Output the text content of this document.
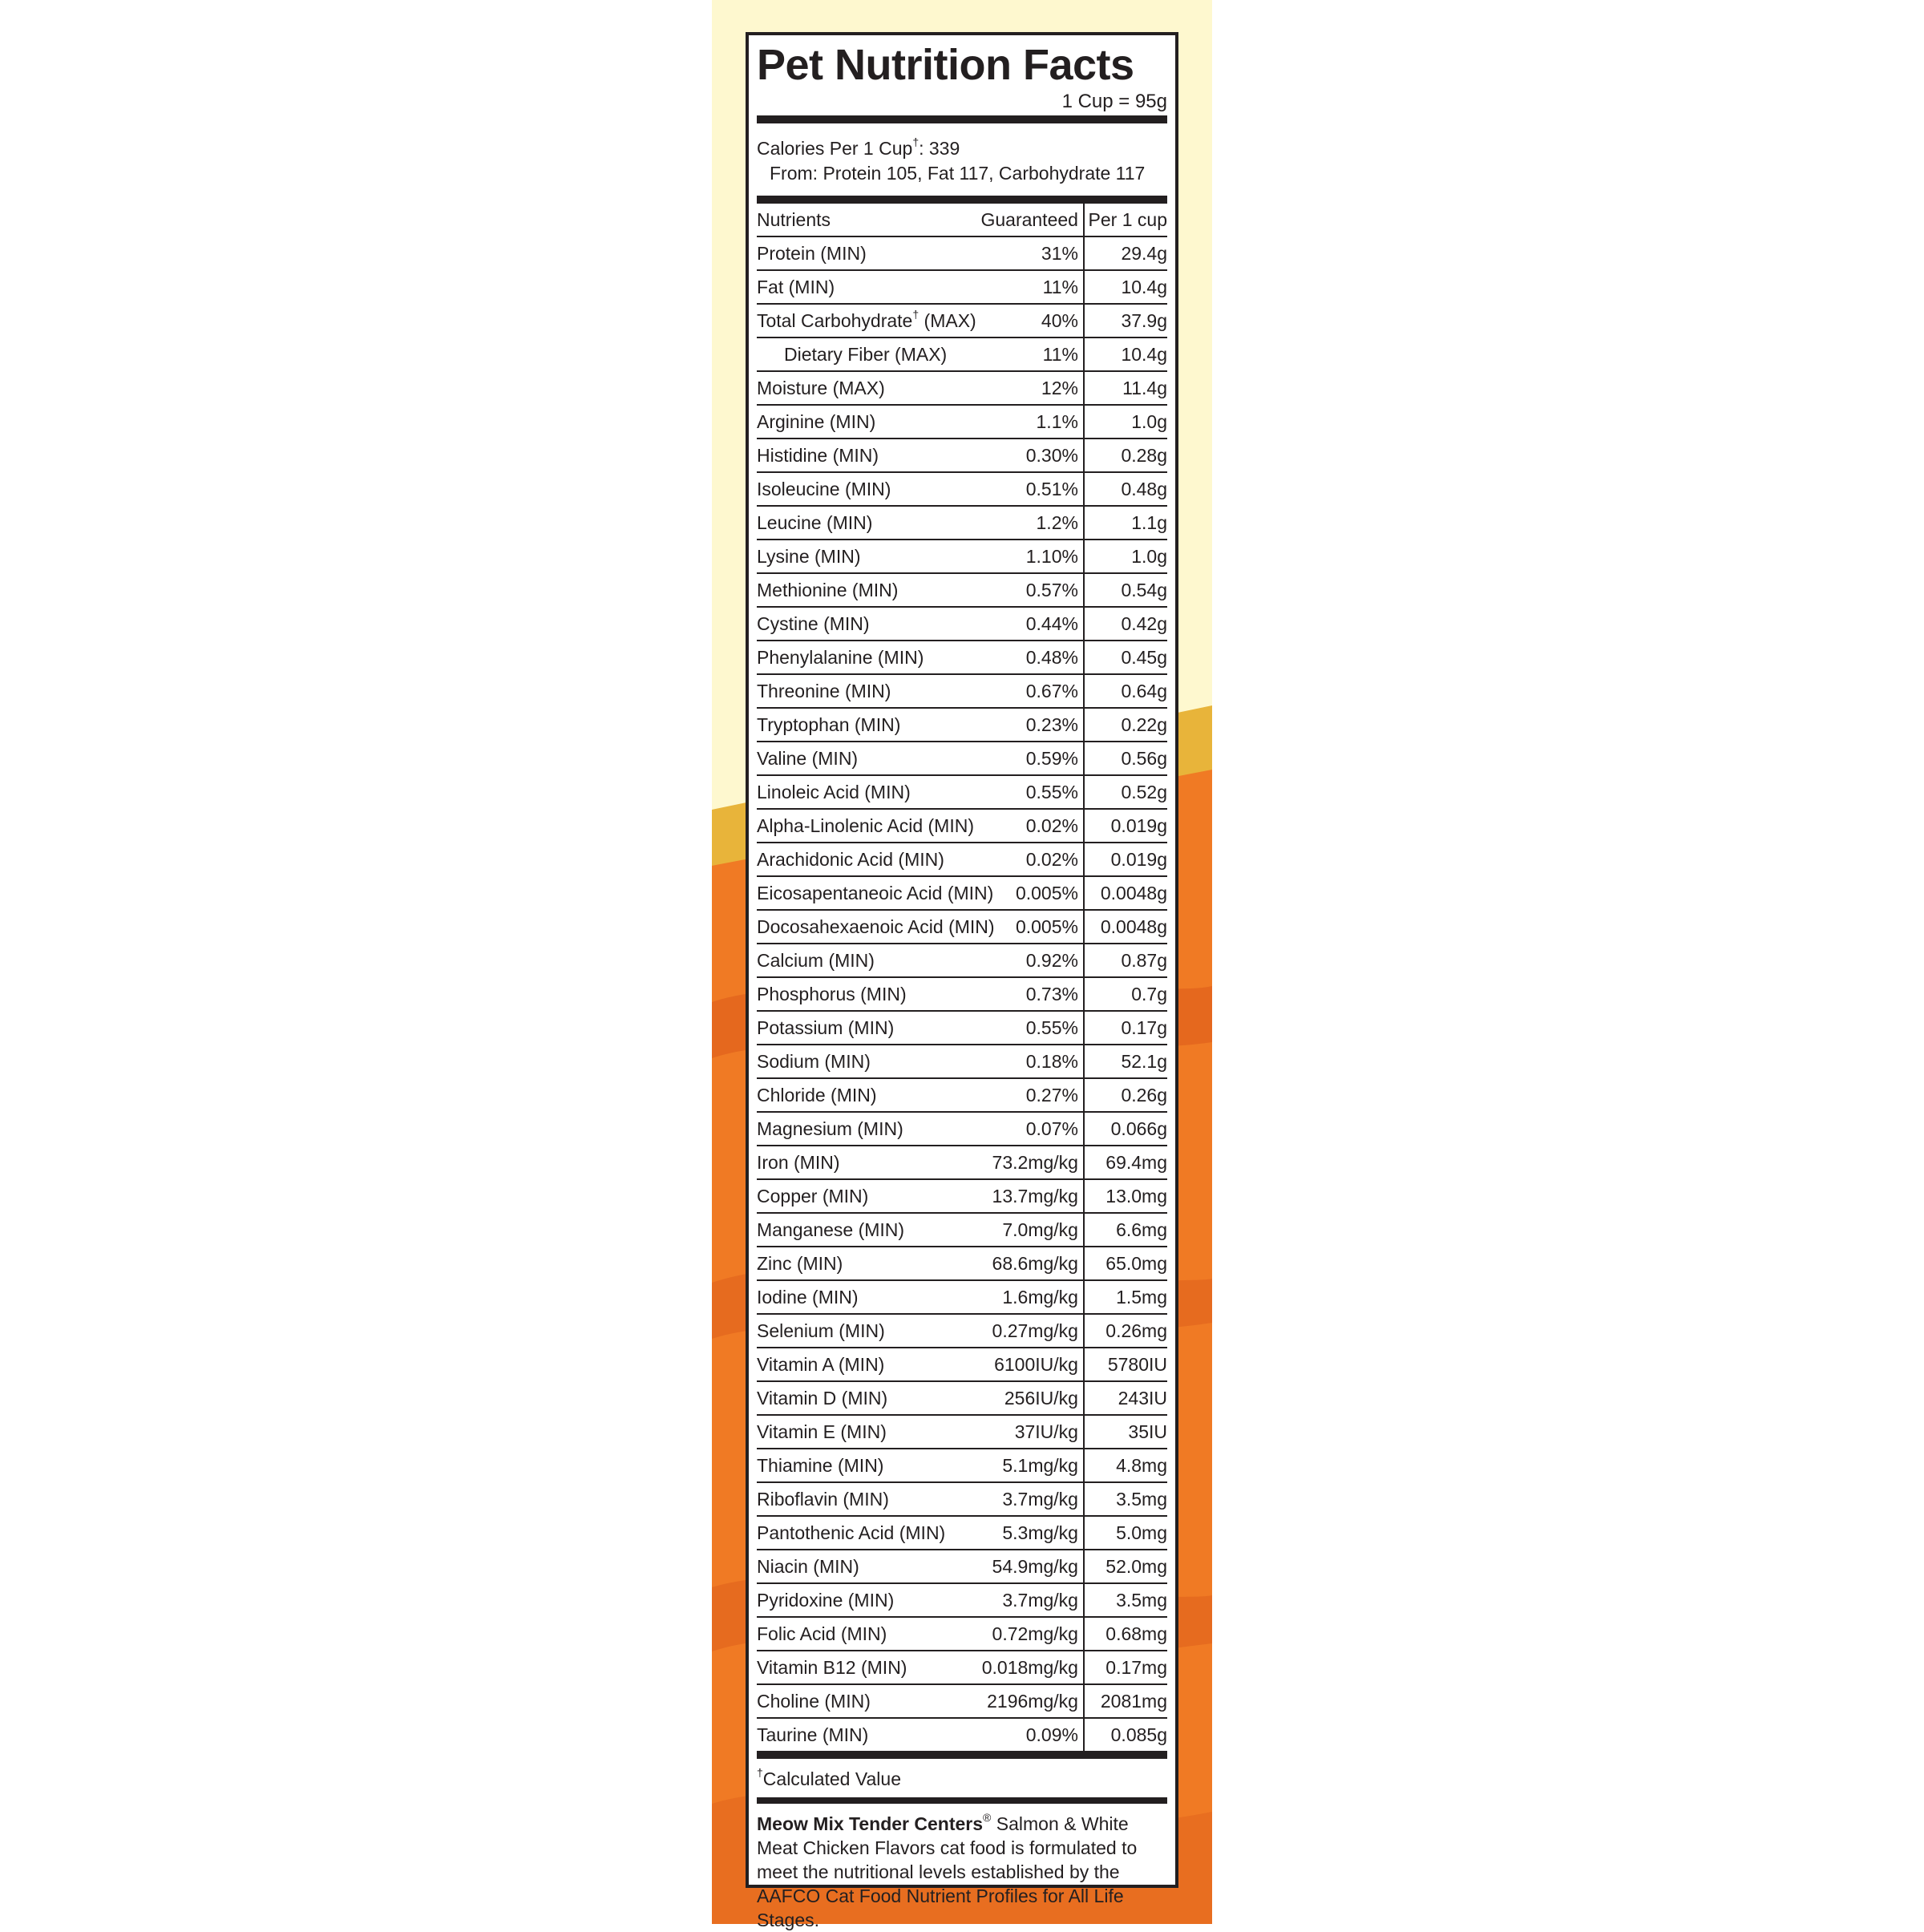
Pet Nutrition Facts
1 Cup = 95g
Calories Per 1 Cup†: 339
From: Protein 105, Fat 117, Carbohydrate 117
Nutrients	Guaranteed	Per 1 cup
Protein (MIN)	31%	29.4g
Fat (MIN)	11%	10.4g
Total Carbohydrate† (MAX)	40%	37.9g
Dietary Fiber (MAX)	11%	10.4g
Moisture (MAX)	12%	11.4g
Arginine (MIN)	1.1%	1.0g
Histidine (MIN)	0.30%	0.28g
Isoleucine (MIN)	0.51%	0.48g
Leucine (MIN)	1.2%	1.1g
Lysine (MIN)	1.10%	1.0g
Methionine (MIN)	0.57%	0.54g
Cystine (MIN)	0.44%	0.42g
Phenylalanine (MIN)	0.48%	0.45g
Threonine (MIN)	0.67%	0.64g
Tryptophan (MIN)	0.23%	0.22g
Valine (MIN)	0.59%	0.56g
Linoleic Acid (MIN)	0.55%	0.52g
Alpha-Linolenic Acid (MIN)	0.02%	0.019g
Arachidonic Acid (MIN)	0.02%	0.019g
Eicosapentaneoic Acid (MIN)	0.005%	0.0048g
Docosahexaenoic Acid (MIN)	0.005%	0.0048g
Calcium (MIN)	0.92%	0.87g
Phosphorus (MIN)	0.73%	0.7g
Potassium (MIN)	0.55%	0.17g
Sodium (MIN)	0.18%	52.1g
Chloride (MIN)	0.27%	0.26g
Magnesium (MIN)	0.07%	0.066g
Iron (MIN)	73.2mg/kg	69.4mg
Copper (MIN)	13.7mg/kg	13.0mg
Manganese (MIN)	7.0mg/kg	6.6mg
Zinc (MIN)	68.6mg/kg	65.0mg
Iodine (MIN)	1.6mg/kg	1.5mg
Selenium (MIN)	0.27mg/kg	0.26mg
Vitamin A (MIN)	6100IU/kg	5780IU
Vitamin D (MIN)	256IU/kg	243IU
Vitamin E (MIN)	37IU/kg	35IU
Thiamine (MIN)	5.1mg/kg	4.8mg
Riboflavin (MIN)	3.7mg/kg	3.5mg
Pantothenic Acid (MIN)	5.3mg/kg	5.0mg
Niacin (MIN)	54.9mg/kg	52.0mg
Pyridoxine (MIN)	3.7mg/kg	3.5mg
Folic Acid (MIN)	0.72mg/kg	0.68mg
Vitamin B12 (MIN)	0.018mg/kg	0.17mg
Choline (MIN)	2196mg/kg	2081mg
Taurine (MIN)	0.09%	0.085g
†Calculated Value
Meow Mix Tender Centers® Salmon & White Meat Chicken Flavors cat food is formulated to meet the nutritional levels established by the AAFCO Cat Food Nutrient Profiles for All Life Stages.
